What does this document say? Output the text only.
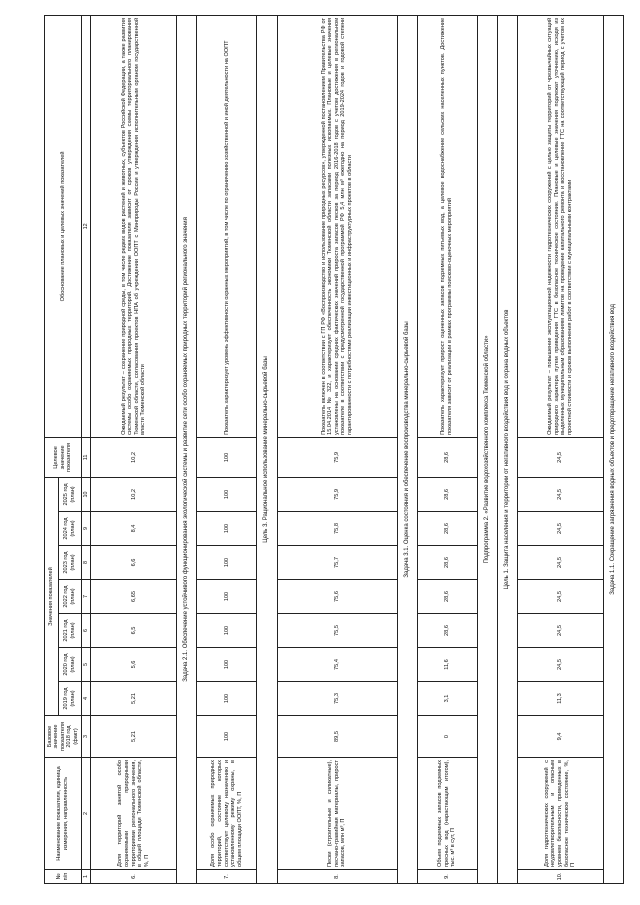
№ п/п	Наименование показателя, единица измерения, направленность	Базовое значение показателя 2018 год (факт)	Значения показателей							Целевое значение показателя	Обоснование плановых и целевых значений показателей
			2019 год (план)	2020 год (план)	2021 год (план)	2022 год (план)	2023 год (план)	2024 год (план)	2025 год (план)		
1	2	3	4	5	6	7	8	9	10	11	12
6.	Доля территорий занятой особо охраняемыми природными территориями регионального значения, в общей площади Тюменской области, %, П	5,21	5,21	5,6	6,5	6,65	6,6	8,4	10,2	10,2	Ожидаемый результат – сохранение природной среды, в том числе редких видов растений и животных, субъектов Российской Федерации, а также развития системы особо охраняемых природных территорий. Достижение показателя зависит от сроков утверждения схемы территориального планирования Тюменской области, согласования проектов НПА об учреждении ООПТ с Минприроды России и утверждения исполнительным органом государственной власти Тюменской области
Задача 2.1. Обеспечение устойчивого функционирования экологической системы и развитие сети особо охраняемых природных территорий регионального значения											
7.	Доля особо охраняемых природных территорий, состояние которых соответствует целевому назначению и установленному режиму охраны, в общем площади ООПТ, %, П	100	100	100	100	100	100	100	100	100	Показатель характеризует уровень эффективности охранных мероприятий, в том числе по ограничению хозяйственной и иной деятельности на ООПТ
Цель 3. Рациональное использование минерально-сырьевой базы											
8.	Пески (строительные и силикатные), песчано-гравийная материалы, прирост запасов, млн м³, П	89,5	75,3	75,4	75,5	75,6	75,7	75,8	75,9	75,9	Показатель включен в соответствии с ГП РФ «Воспроизводство и использование природных ресурсов», утвержденной постановлением Правительства РФ от 15.04.2014 № 322, и характеризует обеспеченность экономики Тюменской области запасами полезных ископаемых. Плановые и целевые значения установлены на основании средних фактических значений прироста запасов песков за период 2016-2018 годов с учетом достижения в региональном показателе в соответствии с предусмотренной государственной программой РФ 5,4 млн м³ ежегодно на период 2019-2024 годов и годовой степени гарантированности с потребностями реализации инвестиционных и инфраструктурных проектов в области
Задача 3.1. Оценка состояния и обеспечение воспроизводства минерально-сырьевой базы											
9.	Объем подземных запасов подземных пресных вод (нарастающим итогом), тыс. м³ в сут, П	0	3,1	11,6	28,6	28,6	28,6	28,6	28,6	28,6	Показатель характеризует прирост оцененных запасов подземных питьевых вод, а целевое водоснабжение сельских населенных пунктов. Достижение показателя зависит от реализации в рамках программы поисково-оценочных мероприятий
Подпрограмма 2. «Развитие водохозяйственного комплекса Тюменской области»											
Цель 1. Защита населения и территории от негативного воздействия вод и охрана водных объектов											
10.	Доля гидротехнических сооружений с неудовлетворительным и опасным уровнем безопасности, приведенных в безопасное техническое состояние, %, П	9,4	11,3	24,5	24,5	24,5	24,5	24,5	24,5	24,5	Ожидаемый результат – повышение эксплуатационной надежности гидротехнических сооружений с целью защиты территорий от чрезвычайных ситуаций природного характера путем приведения ГТС в безопасное техническое состояние. Плановые и целевые значения подлежат уточнению, исходя из выделенных муниципальным образованиям лимитов на проведение капитального ремонта и восстановление ГТС на соответствующий период с учетом их проектной стоимости и сроков выполнения работ в соответствии с муниципальными контрактами
Задача 1.1. Сокращение загрязнения водных объектов и предотвращение негативного воздействия вод											
